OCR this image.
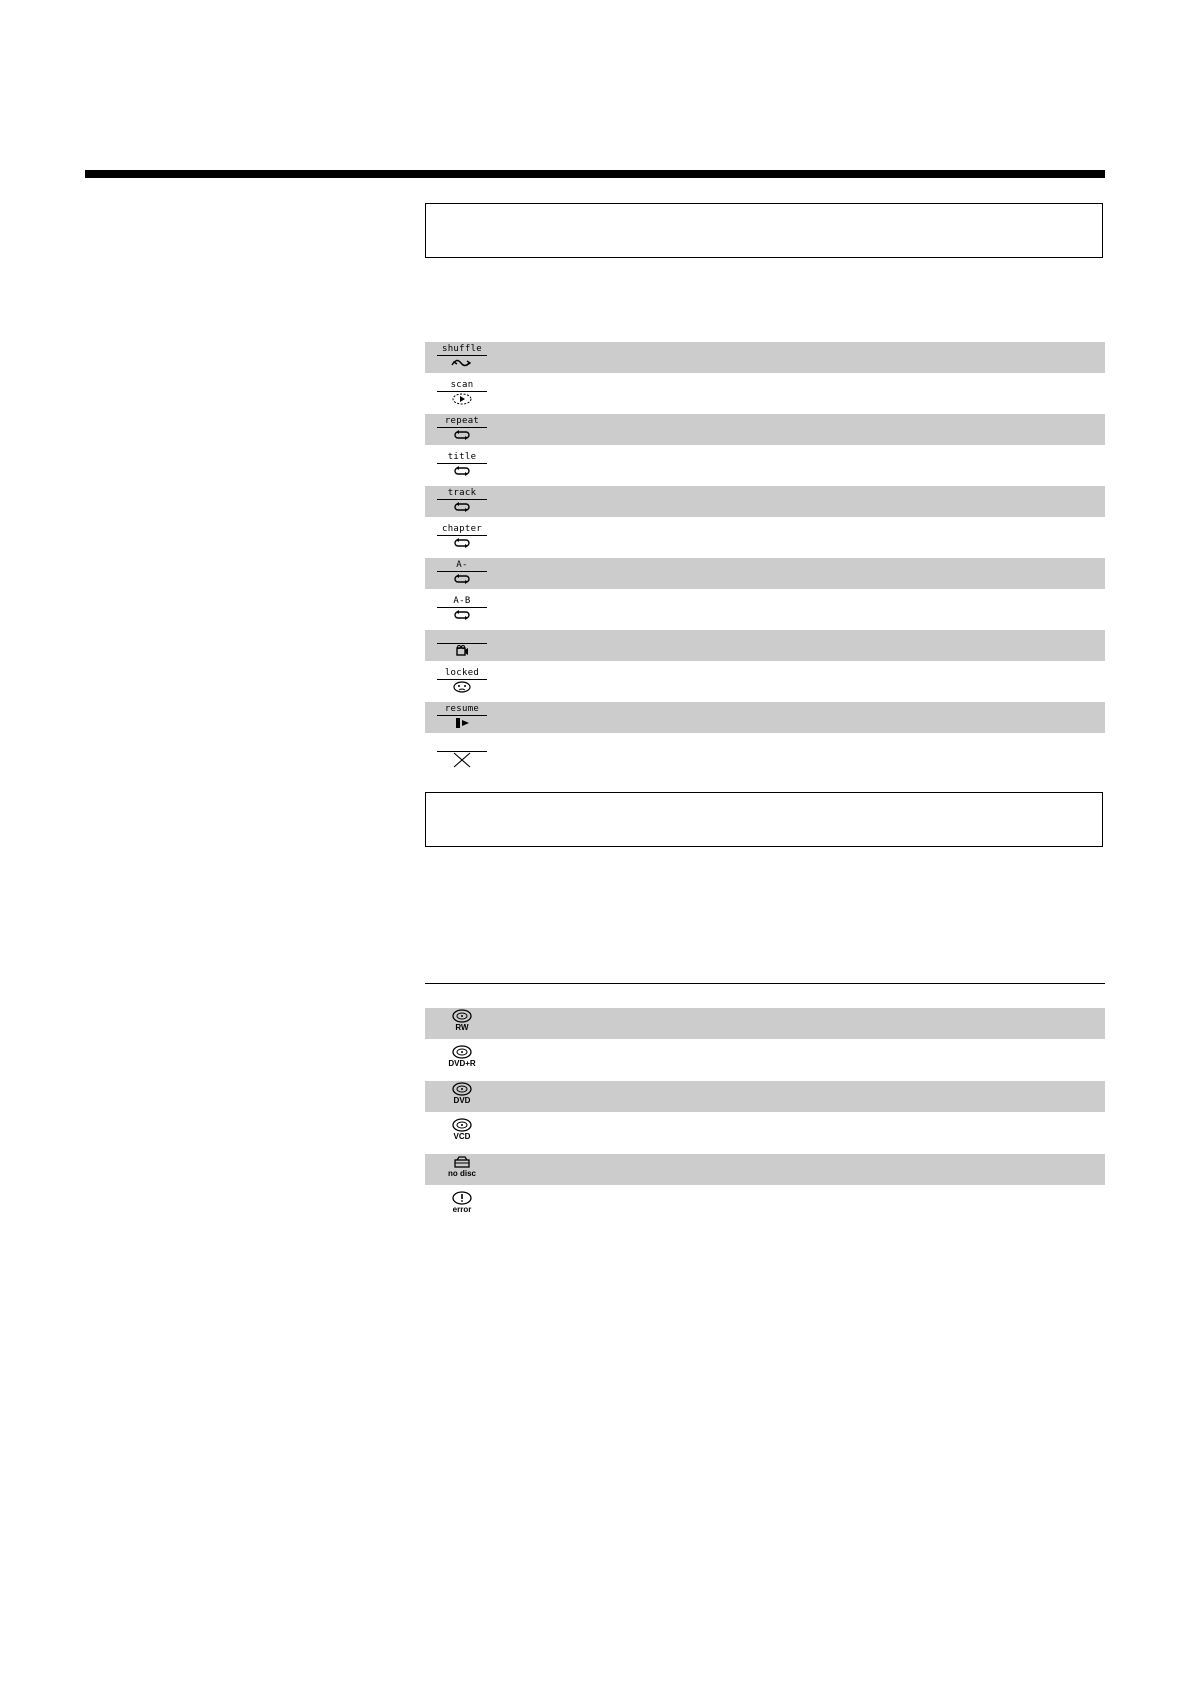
shuffle
scan
repeat
title
track
chapter
A-
A-B
locked
resume
RW
DVD+R
DVD
VCD
no disc
error
